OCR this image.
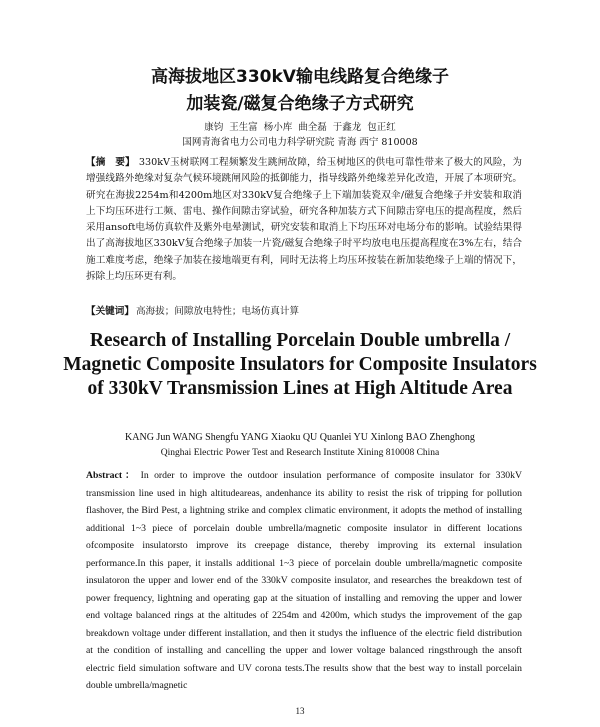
高海拔地区330kV输电线路复合绝缘子
加装瓷/磁复合绝缘子方式研究
康钧 王生富 杨小库 曲全磊 于鑫龙 包正红
国网青海省电力公司电力科学研究院 青海 西宁 810008
【摘　要】 330kV玉树联网工程频繁发生跳闸故障，给玉树地区的供电可靠性带来了极大的风险，为增强线路外绝缘对复杂气候环境跳闸风险的抵御能力，指导线路外绝缘差异化改造，开展了本项研究。研究在海拔2254m和4200m地区对330kV复合绝缘子上下端加装瓷双伞/磁复合绝缘子并安装和取消上下均压环进行工频、雷电、操作间隙击穿试验，研究各种加装方式下间隙击穿电压的提高程度，然后采用ansoft电场仿真软件及紫外电晕测试，研究安装和取消上下均压环对电场分布的影响。试验结果得出了高海拔地区330kV复合绝缘子加装一片瓷/磁复合绝缘子时平均放电电压提高程度在3%左右，结合施工难度考虑，绝缘子加装在接地端更有利，同时无法将上均压环按装在新加装绝缘子上端的情况下，拆除上均压环更有利。
【关键词】 高海拔；间隙放电特性；电场仿真计算
Research of Installing Porcelain Double umbrella / Magnetic Composite Insulators for Composite Insulators of 330kV Transmission Lines at High Altitude Area
KANG Jun WANG Shengfu YANG Xiaoku QU Quanlei YU Xinlong BAO Zhenghong
Qinghai Electric Power Test and Research Institute Xining 810008 China
Abstract： In order to improve the outdoor insulation performance of composite insulator for 330kV transmission line used in high altitudeareas, andenhance its ability to resist the risk of tripping for pollution flashover, the Bird Pest, a lightning strike and complex climatic environment, it adopts the method of installing additional 1~3 piece of porcelain double umbrella/magnetic composite insulator in different locations ofcomposite insulatorsto improve its creepage distance, thereby improving its external insulation performance.In this paper, it installs additional 1~3 piece of porcelain double umbrella/magnetic composite insulatoron the upper and lower end of the 330kV composite insulator, and researches the breakdown test of power frequency, lightning and operating gap at the situation of installing and removing the upper and lower end voltage balanced rings at the altitudes of 2254m and 4200m, which studys the improvement of the gap breakdown voltage under different installation, and then it studys the influence of the electric field distribution at the condition of installing and cancelling the upper and lower voltage balanced ringsthrough the ansoft electric field simulation software and UV corona tests.The results show that the best way to install porcelain double umbrella/magnetic
13
